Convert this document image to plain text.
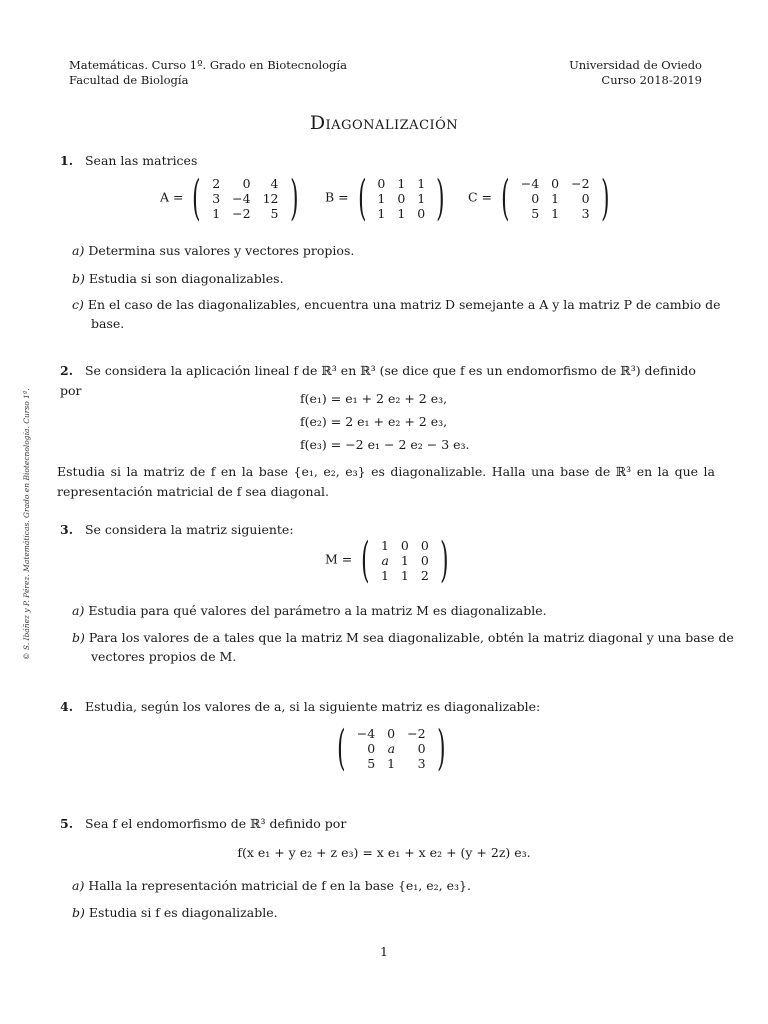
Matemáticas. Curso 1º. Grado en Biotecnología
Facultad de Biología
Universidad de Oviedo
Curso 2018-2019
Diagonalización
1. Sean las matrices
A = ( 2	0	4
3	−4	12
1	−2	5 ) B = ( 0	1	1
1	0	1
1	1	0 ) C = ( −4	0	−2
0	1	0
5	1	3 )
a) Determina sus valores y vectores propios.
b) Estudia si son diagonalizables.
c) En el caso de las diagonalizables, encuentra una matriz D semejante a A y la matriz P de cambio de base.
2. Se considera la aplicación lineal f de ℝ³ en ℝ³ (se dice que f es un endomorfismo de ℝ³) definido por
f(e₁) = e₁ + 2 e₂ + 2 e₃,
f(e₂) = 2 e₁ + e₂ + 2 e₃,
f(e₃) = −2 e₁ − 2 e₂ − 3 e₃.
Estudia si la matriz de f en la base {e₁, e₂, e₃} es diagonalizable. Halla una base de ℝ³ en la que la representación matricial de f sea diagonal.
3. Se considera la matriz siguiente:
M = ( 1	0	0
a	1	0
1	1	2 )
a) Estudia para qué valores del parámetro a la matriz M es diagonalizable.
b) Para los valores de a tales que la matriz M sea diagonalizable, obtén la matriz diagonal y una base de vectores propios de M.
4. Estudia, según los valores de a, si la siguiente matriz es diagonalizable:
( −4	0	−2
0	a	0
5	1	3 )
5. Sea f el endomorfismo de ℝ³ definido por
f(x e₁ + y e₂ + z e₃) = x e₁ + x e₂ + (y + 2z) e₃.
a) Halla la representación matricial de f en la base {e₁, e₂, e₃}.
b) Estudia si f es diagonalizable.
© S. Ibáñez y P. Pérez. Matemáticas. Grado en Biotecnología. Curso 1º.
1
